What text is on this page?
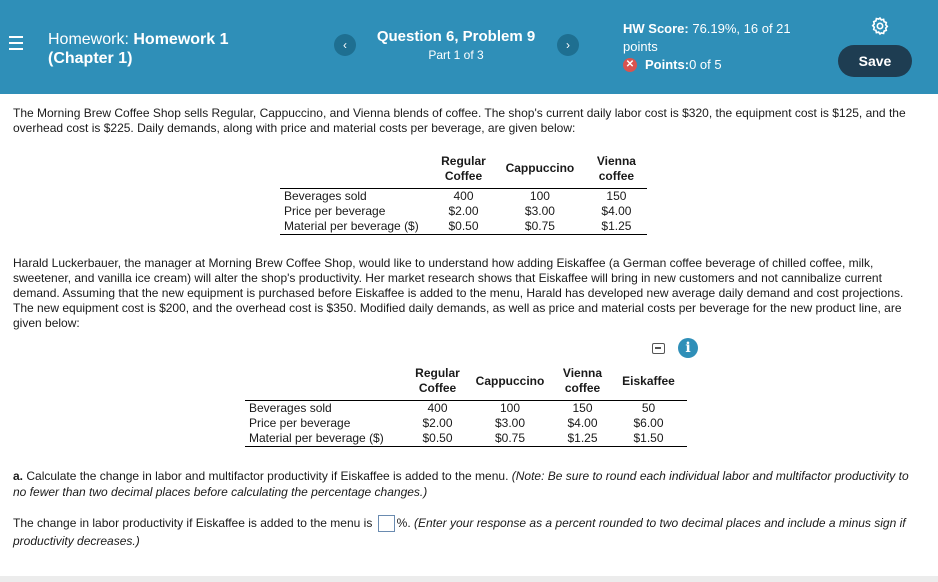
Homework: Homework 1
(Chapter 1)
‹	Question 6, Problem 9
Part 1 of 3
›
HW Score: 76.19%, 16 of 21
points
✕ Points: 0 of 5	Save

The Morning Brew Coffee Shop sells Regular, Cappuccino, and Vienna blends of coffee. The shop's current daily labor cost is $320, the equipment cost is $125, and the overhead cost is $225. Daily demands, along with price and material costs per beverage, are given below:

	Regular Coffee	Cappuccino	Vienna coffee
Beverages sold	400	100	150
Price per beverage	$2.00	$3.00	$4.00
Material per beverage ($)	$0.50	$0.75	$1.25

Harald Luckerbauer, the manager at Morning Brew Coffee Shop, would like to understand how adding Eiskaffee (a German coffee beverage of chilled coffee, milk, sweetener, and vanilla ice cream) will alter the shop's productivity. Her market research shows that Eiskaffee will bring in new customers and not cannibalize current demand. Assuming that the new equipment is purchased before Eiskaffee is added to the menu, Harald has developed new average daily demand and cost projections. The new equipment cost is $200, and the overhead cost is $350. Modified daily demands, as well as price and material costs per beverage for the new product line, are given below:

i
	Regular Coffee	Cappuccino	Vienna coffee	Eiskaffee
Beverages sold	400	100	150	50
Price per beverage	$2.00	$3.00	$4.00	$6.00
Material per beverage ($)	$0.50	$0.75	$1.25	$1.50
a. Calculate the change in labor and multifactor productivity if Eiskaffee is added to the menu. (Note: Be sure to round each individual labor and multifactor productivity to no fewer than two decimal places before calculating the percentage changes.)
The change in labor productivity if Eiskaffee is added to the menu is %. (Enter your response as a percent rounded to two decimal places and include a minus sign if productivity decreases.)
